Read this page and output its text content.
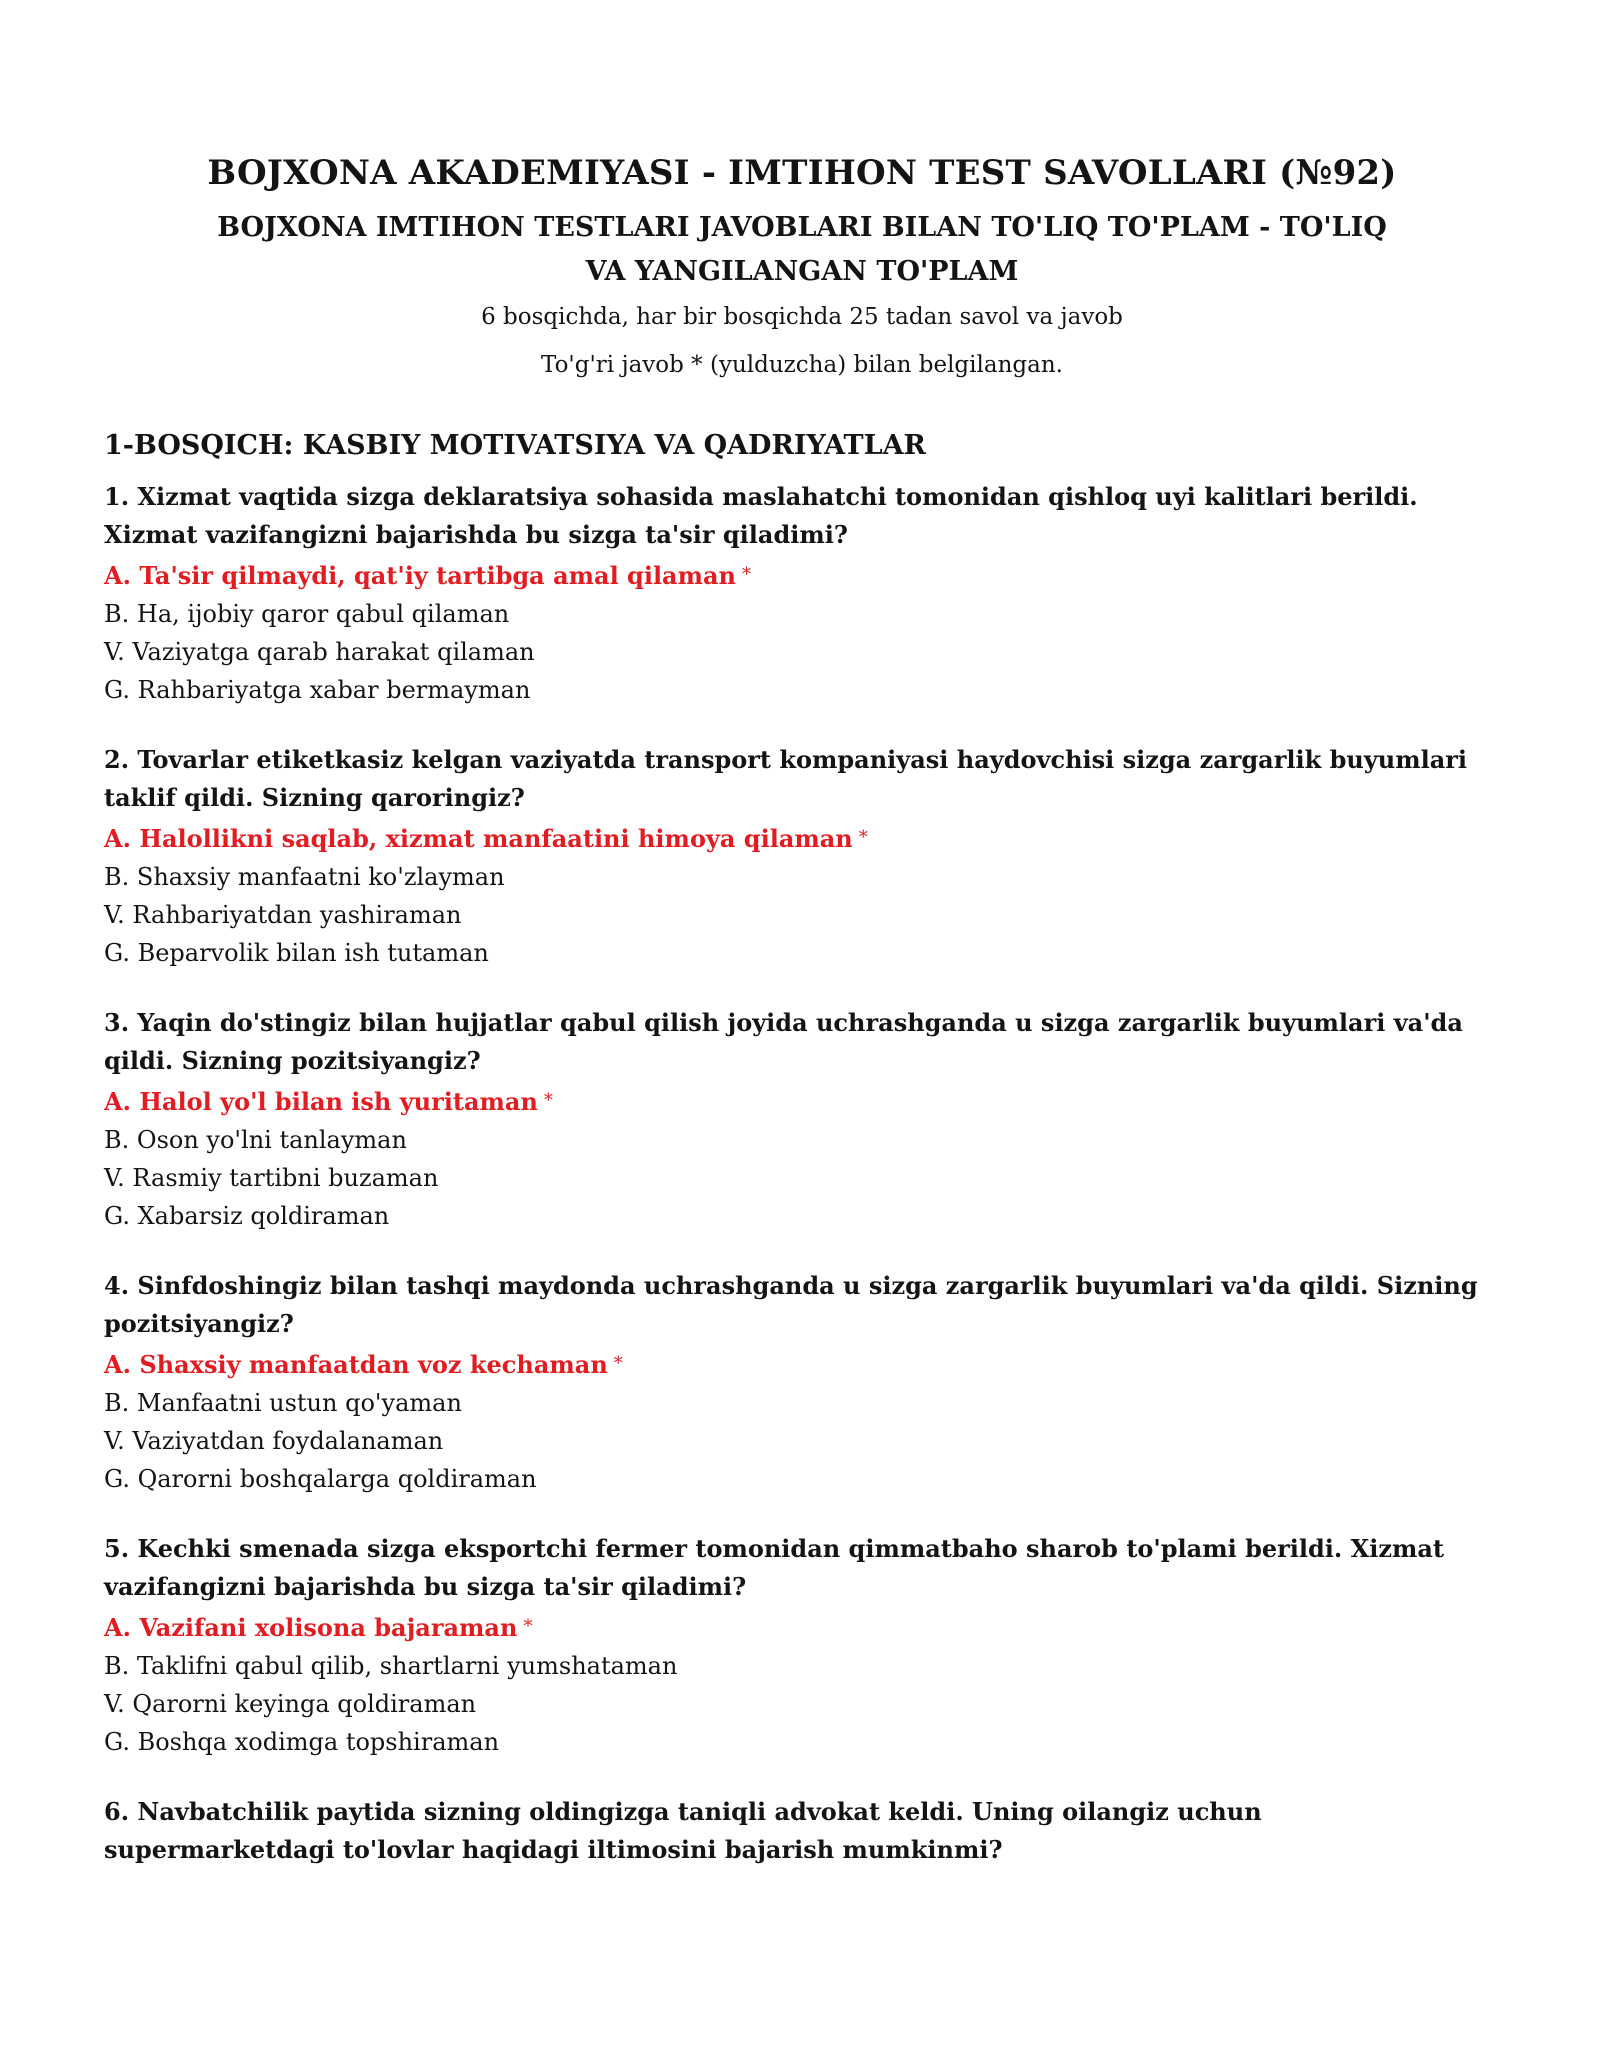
BOJXONA AKADEMIYASI - IMTIHON TEST SAVOLLARI (№92)
BOJXONA IMTIHON TESTLARI JAVOBLARI BILAN TO'LIQ TO'PLAM - TO'LIQ VA YANGILANGAN TO'PLAM
6 bosqichda, har bir bosqichda 25 tadan savol va javob
To'g'ri javob * (yulduzcha) bilan belgilangan.
1-BOSQICH: KASBIY MOTIVATSIYA VA QADRIYATLAR
1. Xizmat vaqtida sizga deklaratsiya sohasida maslahatchi tomonidan qishloq uyi kalitlari berildi. Xizmat vazifangizni bajarishda bu sizga ta'sir qiladimi?
A. Ta'sir qilmaydi, qat'iy tartibga amal qilaman *
B. Ha, ijobiy qaror qabul qilaman
V. Vaziyatga qarab harakat qilaman
G. Rahbariyatga xabar bermayman
2. Tovarlar etiketkasiz kelgan vaziyatda transport kompaniyasi haydovchisi sizga zargarlik buyumlari taklif qildi. Sizning qaroringiz?
A. Halollikni saqlab, xizmat manfaatini himoya qilaman *
B. Shaxsiy manfaatni ko'zlayman
V. Rahbariyatdan yashiraman
G. Beparvolik bilan ish tutaman
3. Yaqin do'stingiz bilan hujjatlar qabul qilish joyida uchrashganda u sizga zargarlik buyumlari va'da qildi. Sizning pozitsiyangiz?
A. Halol yo'l bilan ish yuritaman *
B. Oson yo'lni tanlayman
V. Rasmiy tartibni buzaman
G. Xabarsiz qoldiraman
4. Sinfdoshingiz bilan tashqi maydonda uchrashganda u sizga zargarlik buyumlari va'da qildi. Sizning pozitsiyangiz?
A. Shaxsiy manfaatdan voz kechaman *
B. Manfaatni ustun qo'yaman
V. Vaziyatdan foydalanaman
G. Qarorni boshqalarga qoldiraman
5. Kechki smenada sizga eksportchi fermer tomonidan qimmatbaho sharob to'plami berildi. Xizmat vazifangizni bajarishda bu sizga ta'sir qiladimi?
A. Vazifani xolisona bajaraman *
B. Taklifni qabul qilib, shartlarni yumshataman
V. Qarorni keyinga qoldiraman
G. Boshqa xodimga topshiraman
6. Navbatchilik paytida sizning oldingizga taniqli advokat keldi. Uning oilangiz uchun supermarketdagi to'lovlar haqidagi iltimosini bajarish mumkinmi?
